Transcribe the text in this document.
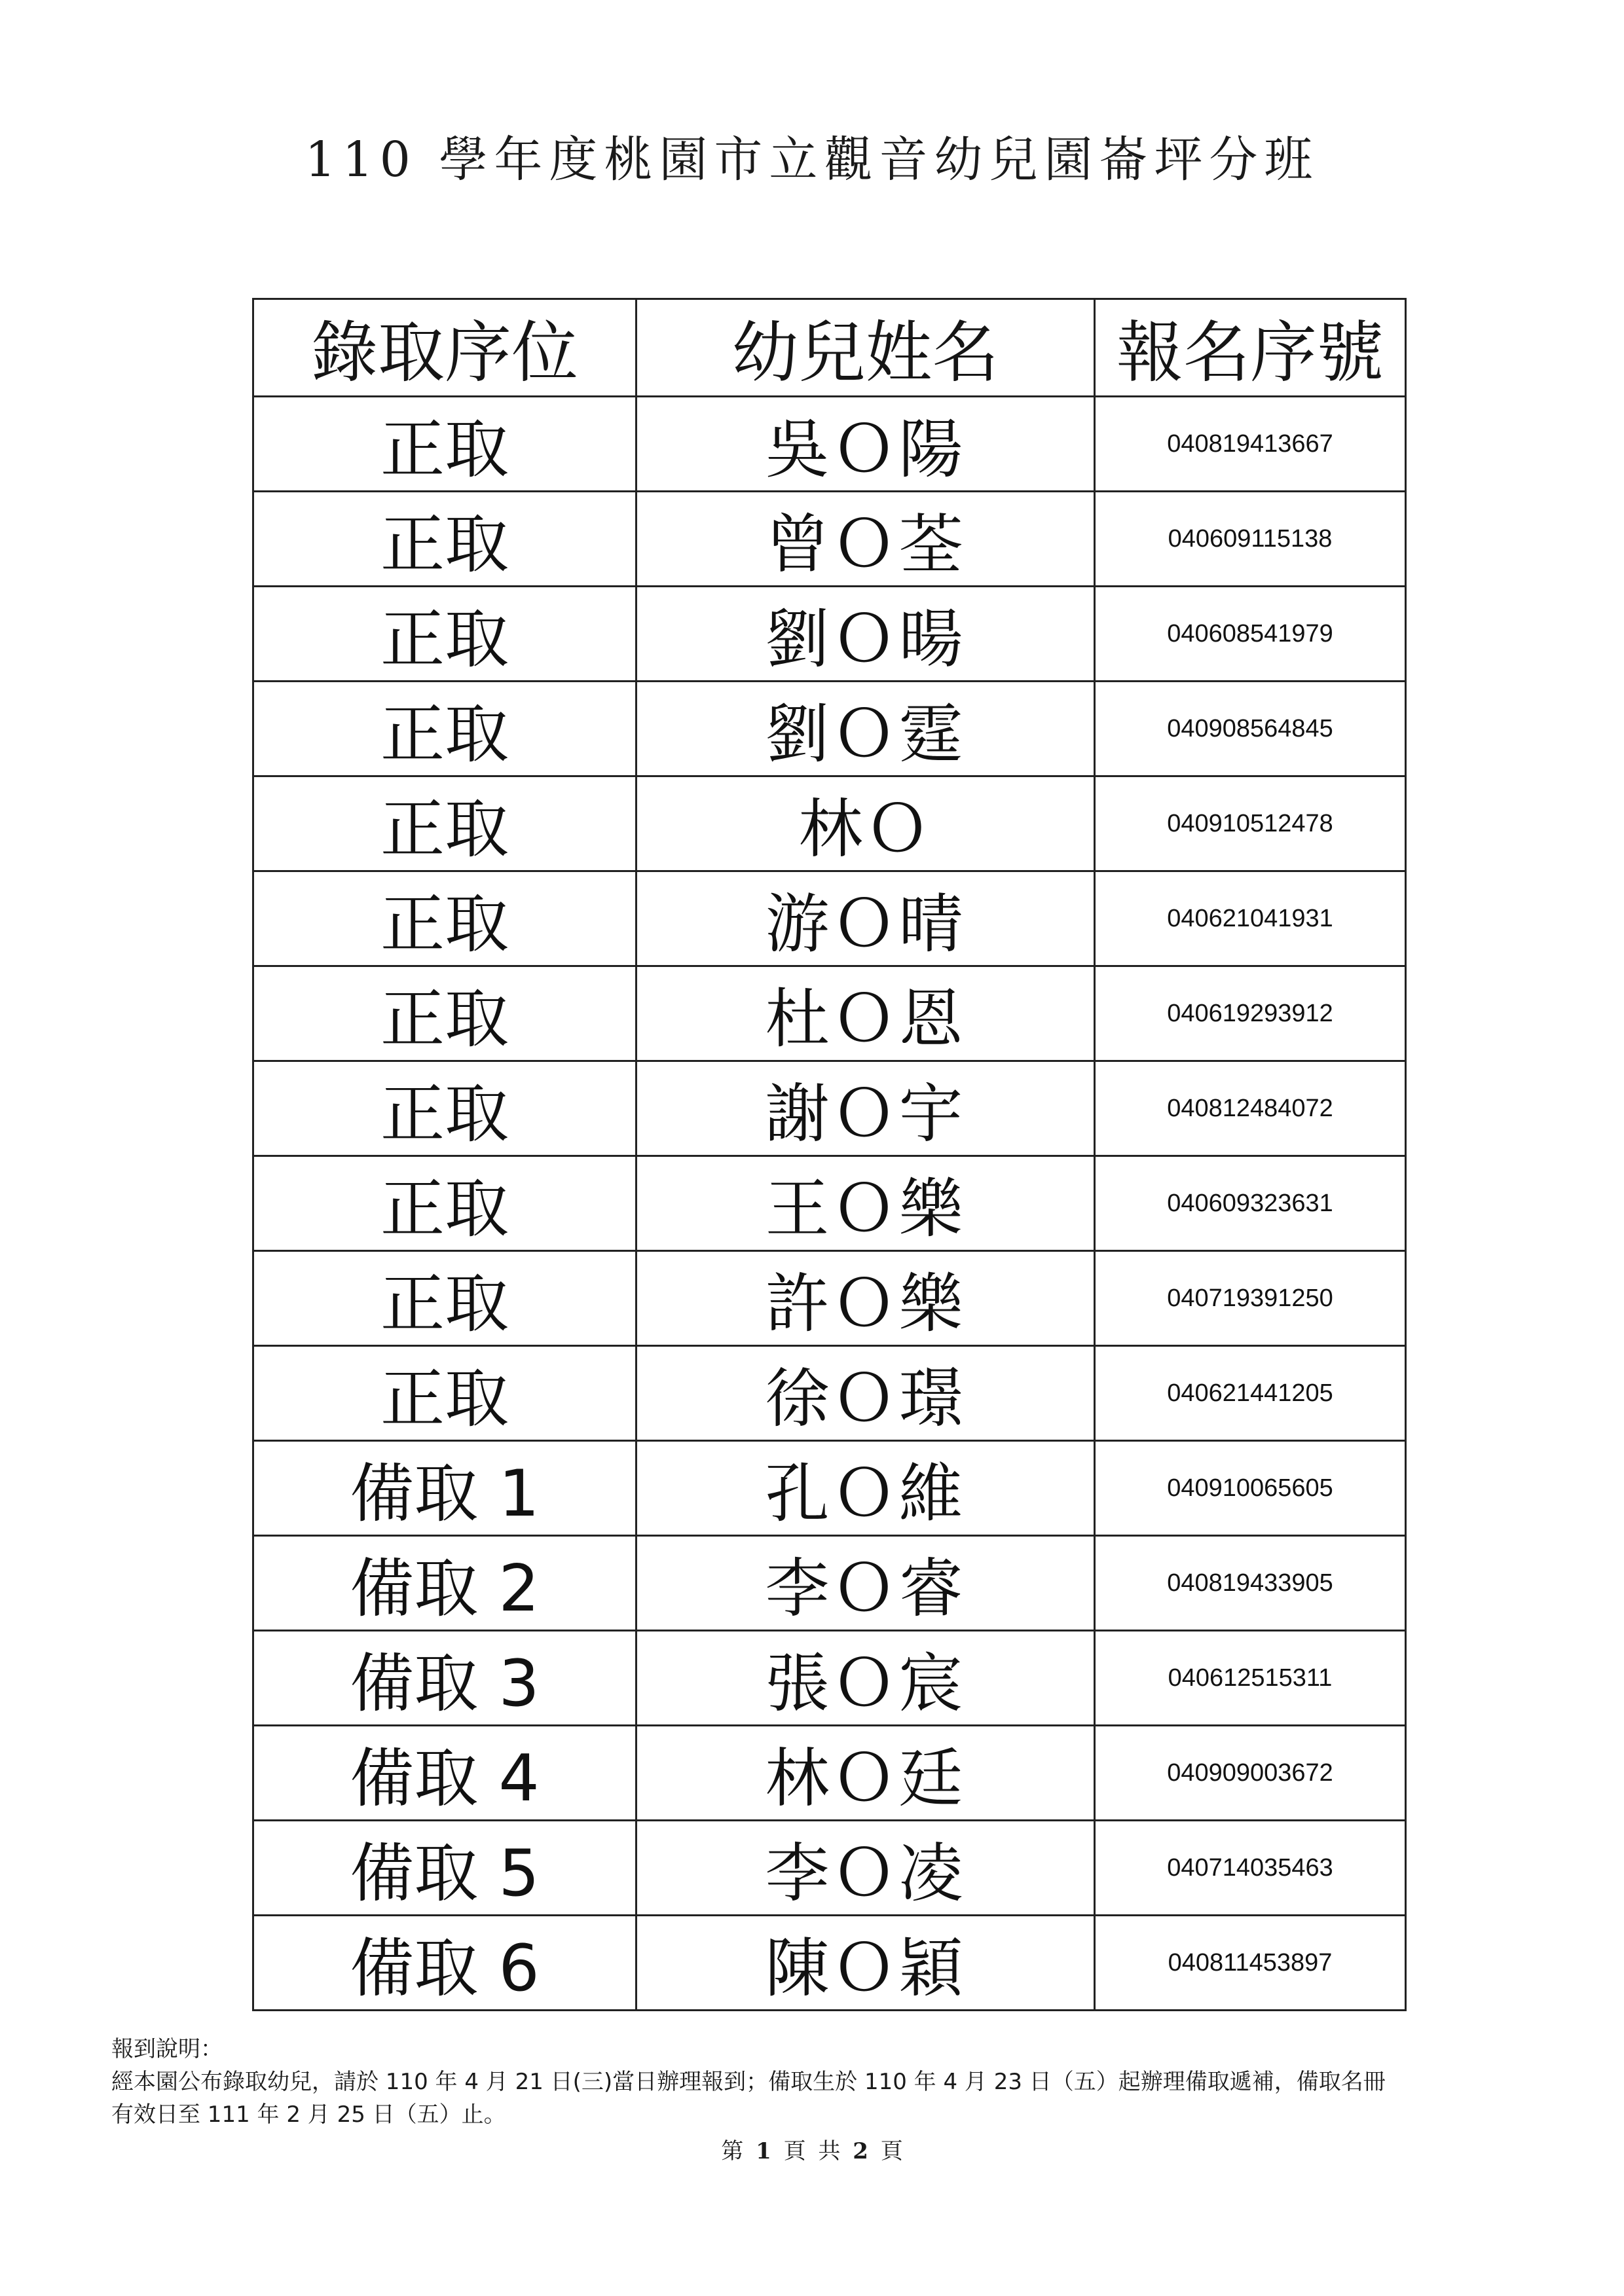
110 學年度桃園市立觀音幼兒園崙坪分班
錄取序位	幼兒姓名	報名序號
正取	吳Ｏ陽	040819413667
正取	曾Ｏ荃	040609115138
正取	劉Ｏ暘	040608541979
正取	劉Ｏ霆	040908564845
正取	林Ｏ	040910512478
正取	游Ｏ晴	040621041931
正取	杜Ｏ恩	040619293912
正取	謝Ｏ宇	040812484072
正取	王Ｏ樂	040609323631
正取	許Ｏ樂	040719391250
正取	徐Ｏ璟	040621441205
備取 1	孔Ｏ維	040910065605
備取 2	李Ｏ睿	040819433905
備取 3	張Ｏ宸	040612515311
備取 4	林Ｏ廷	040909003672
備取 5	李Ｏ凌	040714035463
備取 6	陳Ｏ穎	040811453897

報到說明：

經本園公布錄取幼兒，請於 110 年 4 月 21 日(三)當日辦理報到；備取生於 110 年 4 月 23 日（五）起辦理備取遞補，備取名冊

有效日至 111 年 2 月 25 日（五）止。

第 1 頁 共 2 頁
